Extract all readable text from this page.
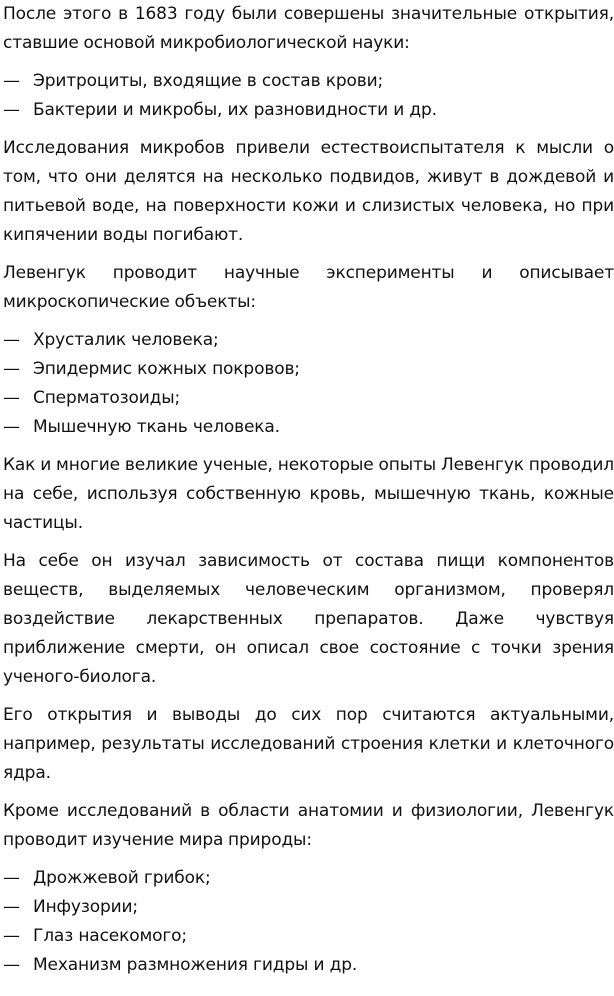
После этого в 1683 году были совершены значительные открытия, ставшие основой микробиологической науки:

— Эритроциты, входящие в состав крови;
— Бактерии и микробы, их разновидности и др.

Исследования микробов привели естествоиспытателя к мысли о том, что они делятся на несколько подвидов, живут в дождевой и питьевой воде, на поверхности кожи и слизистых человека, но при кипячении воды погибают.

Левенгук проводит научные эксперименты и описывает микроскопические объекты:

— Хрусталик человека;
— Эпидермис кожных покровов;
— Сперматозоиды;
— Мышечную ткань человека.

Как и многие великие ученые, некоторые опыты Левенгук проводил на себе, используя собственную кровь, мышечную ткань, кожные частицы.

На себе он изучал зависимость от состава пищи компонентов веществ, выделяемых человеческим организмом, проверял воздействие лекарственных препаратов. Даже чувствуя приближение смерти, он описал свое состояние с точки зрения ученого-биолога.

Его открытия и выводы до сих пор считаются актуальными, например, результаты исследований строения клетки и клеточного ядра.

Кроме исследований в области анатомии и физиологии, Левенгук проводит изучение мира природы:

— Дрожжевой грибок;
— Инфузории;
— Глаз насекомого;
— Механизм размножения гидры и др.
